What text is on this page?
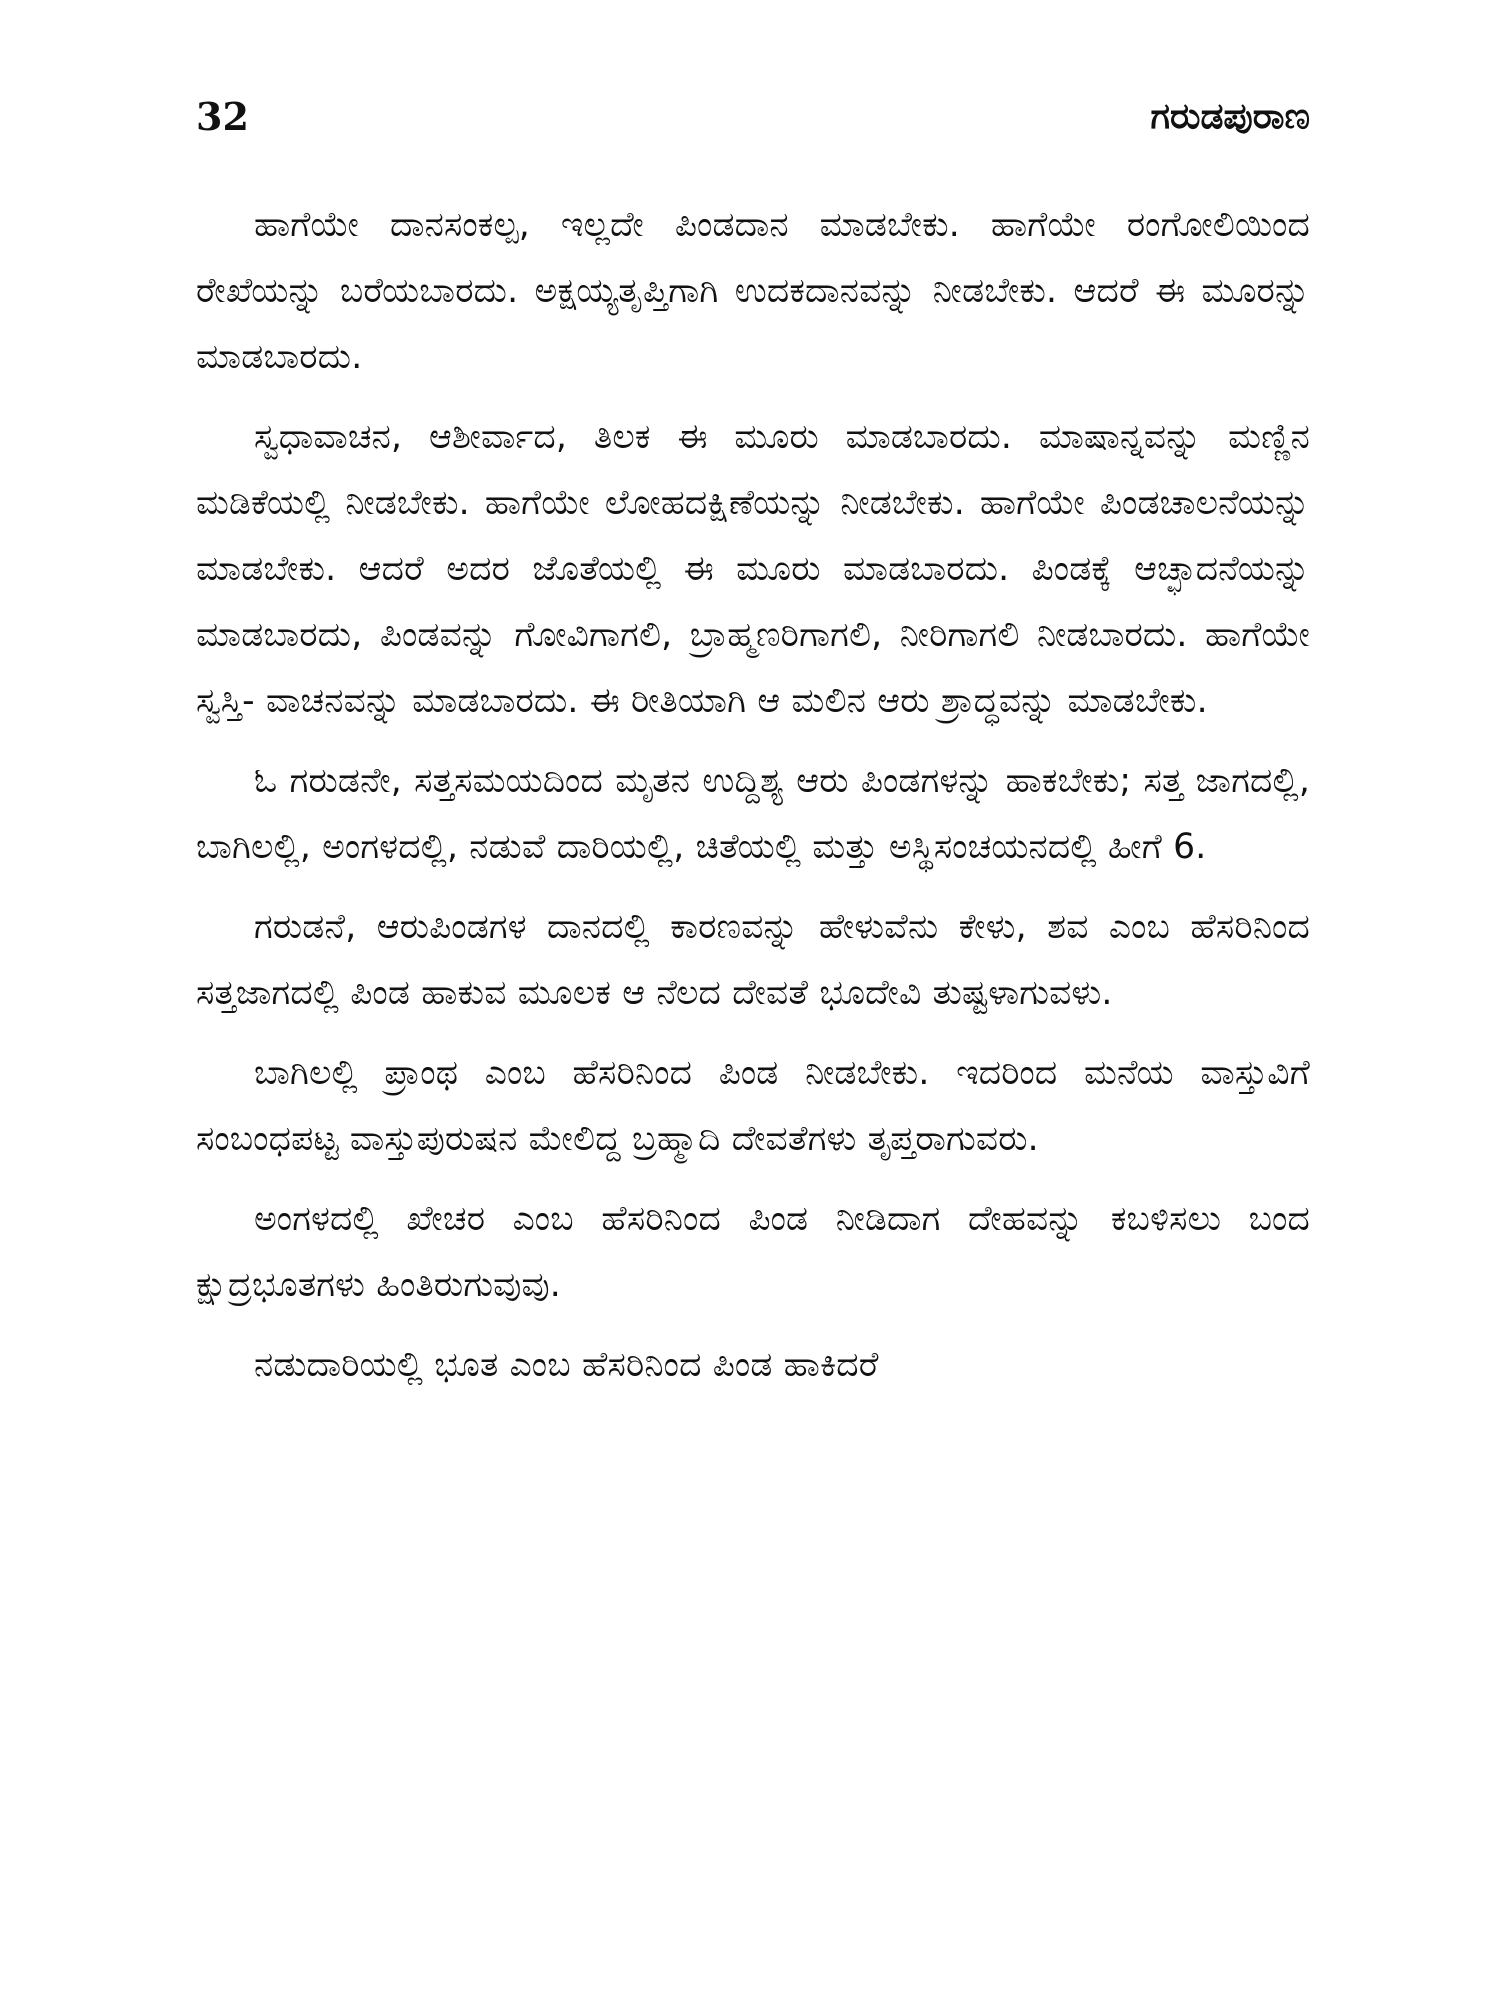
32	ಗರುಡಪುರಾಣ

ಹಾಗೆಯೇ ದಾನಸಂಕಲ್ಪ, ಇಲ್ಲದೇ ಪಿಂಡದಾನ ಮಾಡಬೇಕು. ಹಾಗೆಯೇ ರಂಗೋಲಿಯಿಂದ ರೇಖೆಯನ್ನು ಬರೆಯಬಾರದು. ಅಕ್ಷಯ್ಯತೃಪ್ತಿಗಾಗಿ ಉದಕದಾನವನ್ನು ನೀಡಬೇಕು. ಆದರೆ ಈ ಮೂರನ್ನು ಮಾಡಬಾರದು.

ಸ್ವಧಾವಾಚನ, ಆಶೀರ್ವಾದ, ತಿಲಕ ಈ ಮೂರು ಮಾಡಬಾರದು. ಮಾಷಾನ್ನವನ್ನು ಮಣ್ಣಿನ ಮಡಿಕೆಯಲ್ಲಿ ನೀಡಬೇಕು. ಹಾಗೆಯೇ ಲೋಹದಕ್ಷಿಣೆಯನ್ನು ನೀಡಬೇಕು. ಹಾಗೆಯೇ ಪಿಂಡಚಾಲನೆಯನ್ನು ಮಾಡಬೇಕು. ಆದರೆ ಅದರ ಜೊತೆಯಲ್ಲಿ ಈ ಮೂರು ಮಾಡಬಾರದು. ಪಿಂಡಕ್ಕೆ ಆಚ್ಛಾದನೆಯನ್ನು ಮಾಡಬಾರದು, ಪಿಂಡವನ್ನು ಗೋವಿಗಾಗಲಿ, ಬ್ರಾಹ್ಮಣರಿಗಾಗಲಿ, ನೀರಿಗಾಗಲಿ ನೀಡಬಾರದು. ಹಾಗೆಯೇ ಸ್ವಸ್ತಿ- ವಾಚನವನ್ನು ಮಾಡಬಾರದು. ಈ ರೀತಿಯಾಗಿ ಆ ಮಲಿನ ಆರು ಶ್ರಾದ್ಧವನ್ನು ಮಾಡಬೇಕು.

ಓ ಗರುಡನೇ, ಸತ್ತಸಮಯದಿಂದ ಮೃತನ ಉದ್ದಿಶ್ಯ ಆರು ಪಿಂಡಗಳನ್ನು ಹಾಕಬೇಕು; ಸತ್ತ ಜಾಗದಲ್ಲಿ, ಬಾಗಿಲಲ್ಲಿ, ಅಂಗಳದಲ್ಲಿ, ನಡುವೆ ದಾರಿಯಲ್ಲಿ, ಚಿತೆಯಲ್ಲಿ ಮತ್ತು ಅಸ್ಥಿಸಂಚಯನದಲ್ಲಿ ಹೀಗೆ 6.

ಗರುಡನೆ, ಆರುಪಿಂಡಗಳ ದಾನದಲ್ಲಿ ಕಾರಣವನ್ನು ಹೇಳುವೆನು ಕೇಳು, ಶವ ಎಂಬ ಹೆಸರಿನಿಂದ ಸತ್ತಜಾಗದಲ್ಲಿ ಪಿಂಡ ಹಾಕುವ ಮೂಲಕ ಆ ನೆಲದ ದೇವತೆ ಭೂದೇವಿ ತುಷ್ಟಳಾಗುವಳು.

ಬಾಗಿಲಲ್ಲಿ ಪ್ರಾಂಥ ಎಂಬ ಹೆಸರಿನಿಂದ ಪಿಂಡ ನೀಡಬೇಕು. ಇದರಿಂದ ಮನೆಯ ವಾಸ್ತುವಿಗೆ ಸಂಬಂಧಪಟ್ಟ ವಾಸ್ತುಪುರುಷನ ಮೇಲಿದ್ದ ಬ್ರಹ್ಮಾದಿ ದೇವತೆಗಳು ತೃಪ್ತರಾಗುವರು.

ಅಂಗಳದಲ್ಲಿ ಖೇಚರ ಎಂಬ ಹೆಸರಿನಿಂದ ಪಿಂಡ ನೀಡಿದಾಗ ದೇಹವನ್ನು ಕಬಳಿಸಲು ಬಂದ ಕ್ಷುದ್ರಭೂತಗಳು ಹಿಂತಿರುಗುವುವು.

ನಡುದಾರಿಯಲ್ಲಿ ಭೂತ ಎಂಬ ಹೆಸರಿನಿಂದ ಪಿಂಡ ಹಾಕಿದರೆ
